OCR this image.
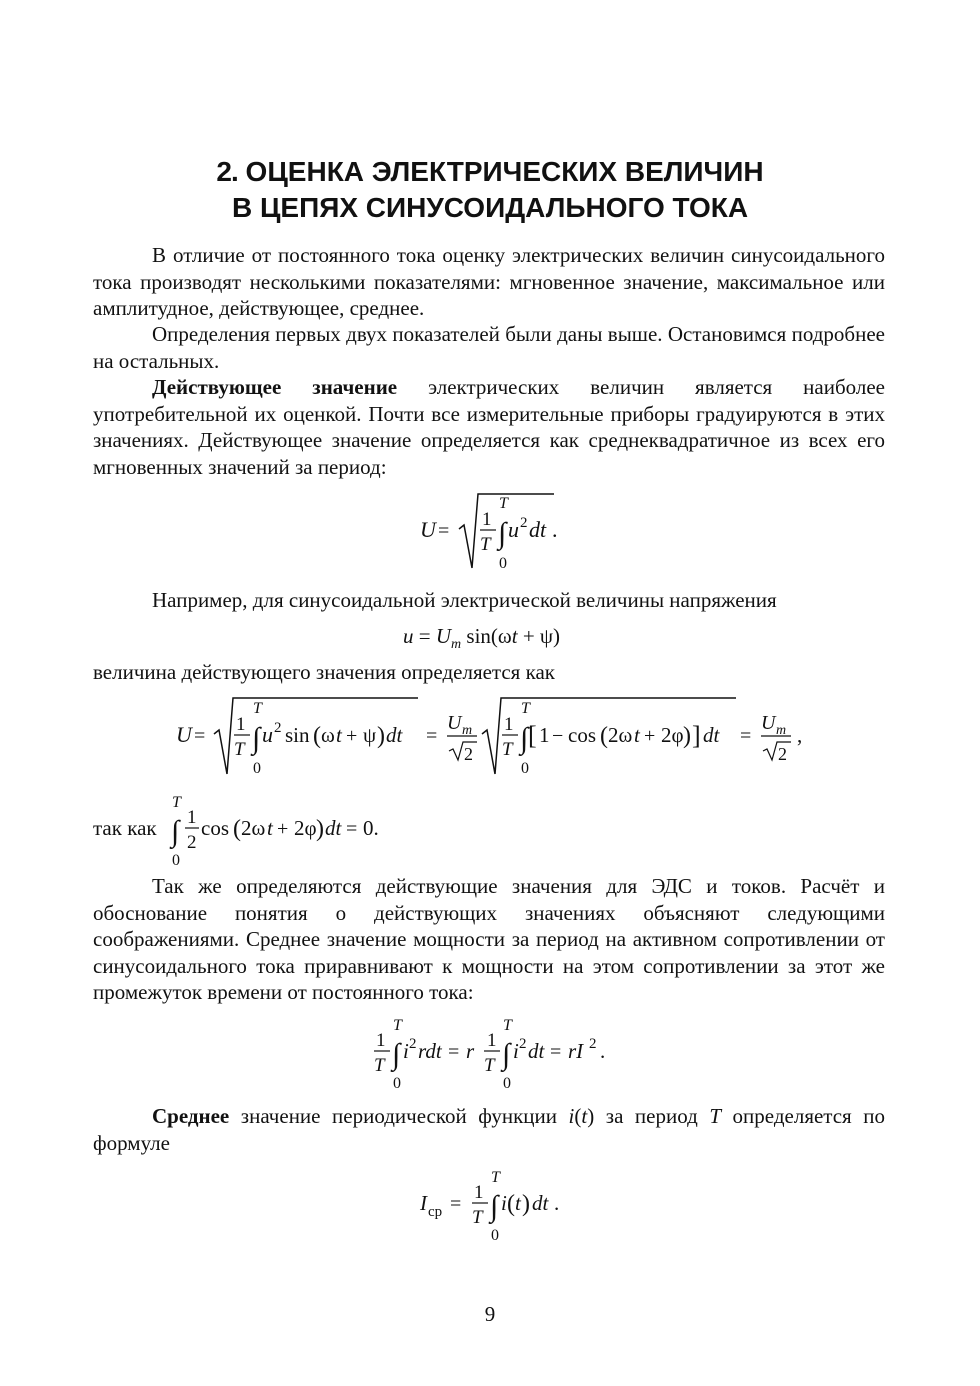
2. ОЦЕНКА ЭЛЕКТРИЧЕСКИХ ВЕЛИЧИН
В ЦЕПЯХ СИНУСОИДАЛЬНОГО ТОКА
В отличие от постоянного тока оценку электрических величин синусоидального тока производят несколькими показателями: мгновенное значение, максимальное или амплитудное, действующее, среднее.
Определения первых двух показателей были даны выше. Остановимся подробнее на остальных.
Действующее значение электрических величин является наиболее употребительной их оценкой. Почти все измерительные приборы градуируются в этих значениях. Действующее значение определяется как среднеквадратичное из всех его мгновенных значений за период:
U =
1
T
T
∫
0
u 2 dt .
Например, для синусоидальной электрической величины напряжения
$u = U_m$ sin(ωt + ψ)
величина действующего значения определяется как
U =
1
T
T
∫
0
u 2 sin ( ω t + ψ ) dt =
U m
2
1
T
T
∫
0
[ 1 − cos ( 2ω t + 2φ ) ] dt =
U m
2
,
так как
T
∫
0
1
2
cos ( 2ω t + 2φ ) dt = 0.
Так же определяются действующие значения для ЭДС и токов. Расчёт и обоснование понятия о действующих значениях объясняют следующими соображениями. Среднее значение мощности за период на активном сопротивлении от синусоидального тока приравнивают к мощности на этом сопротивлении за этот же промежуток времени от постоянного тока:
1
T
T
∫
0
i 2 rdt = r 1
T
T
∫
0
i 2 dt = rI 2 .
Среднее значение периодической функции i(t) за период T определяется по формуле
I ср =
1
T
T
∫
0
i ( t ) dt .
9
